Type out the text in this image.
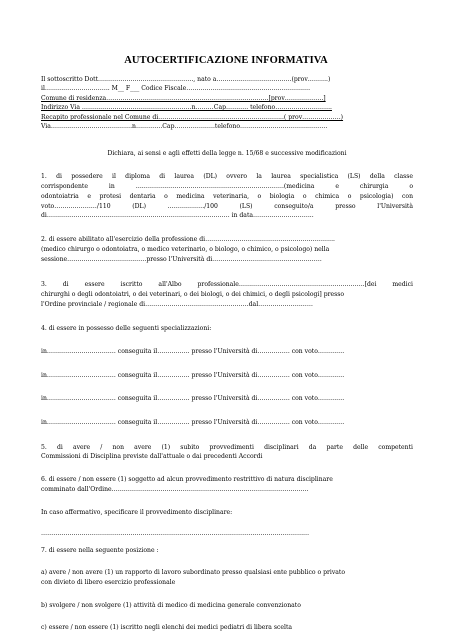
AUTOCERTIFICAZIONE INFORMATIVA
Il sottoscritto Dott.………………………………………., nato a……………………………….(prov……….)
il………………………….. M__ F___ Codice Fiscale…………………………………………………….
Comune di residenza……………………………………………………………………..[prov……………….]
Indirizzo Via ………………………………………………n………Cap……….. telefono……………………….
Recapito professionale nel Comune di……………………………………………………..( prov……………….)
Via………………………………….n………….Cap………………..telefono…………………………………….
Dichiara, ai sensi e agli effetti della legge n. 15/68 e successive modificazioni
1. di possedere il diploma di laurea (DL) ovvero la laurea specialistica (LS) della classe
corrispondente in ……………………………………………………………….(medicina e chirurgia o
odontoiatria e protesi dentaria o medicina veterinaria, o biologia o chimica o psicologia) con
voto…………………/110 (DL) ………………/100 (LS) conseguito/a presso l'Università
di……………………………………………………………………………… in data………………………...
2. di essere abilitato all'esercizio della professione di……………………………………………………….
(medico chirurgo o odontoiatra, o medico veterinario, o biologo, o chimico, o psicologo) nella
sessione…………………………………presso l'Università di………………………………………………
3. di essere iscritto all'Albo professionale……………………………………………………..[dei medici
chirurghi o degli odontoiatri, o dei veterinari, o dei biologi, o dei chimici, o degli psicologi] presso
l'Ordine provinciale / regionale di……………………………………………dal………………………
4. di essere in possesso delle seguenti specializzazioni:
in……………………………. conseguita il……………. presso l'Università di……………. con voto………….
in……………………………. conseguita il……………. presso l'Università di……………. con voto………….
in……………………………. conseguita il……………. presso l'Università di……………. con voto………….
in……………………………. conseguita il……………. presso l'Università di……………. con voto………….
5. di avere / non avere (1) subito provvedimenti disciplinari da parte delle competenti
Commissioni di Disciplina previste dall'attuale o dai precedenti Accordi
6. di essere / non essere (1) soggetto ad alcun provvedimento restrittivo di natura disciplinare
comminato dall'Ordine…………………………………………………………………………………….
In caso affermativo, specificare il provvedimento disciplinare:
……………………………………………………………………………………………………………………
7. di essere nella seguente posizione :
a) avere / non avere (1) un rapporto di lavoro subordinato presso qualsiasi ente pubblico o privato
con divieto di libero esercizio professionale
b) svolgere / non svolgere (1) attività di medico di medicina generale convenzionato
c) essere / non essere (1) iscritto negli elenchi dei medici pediatri di libera scelta
